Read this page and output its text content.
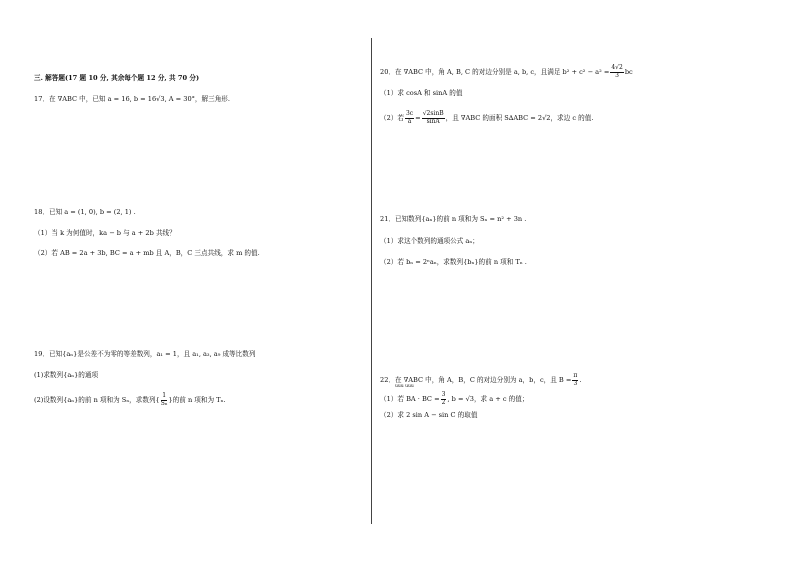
三. 解答题(17 题 10 分, 其余每个题 12 分, 共 70 分)
17．在 ∇ABC 中，已知 a = 16, b = 16√3, A = 30°，解三角形.
18．已知 a = (1, 0), b = (2, 1) .
（1）当 k 为何值时，ka − b 与 a + 2b 共线？
（2）若 AB = 2a + 3b, BC = a + mb 且 A，B，C 三点共线，求 m 的值.
19．已知{aₙ}是公差不为零的等差数列，a₁ = 1，且 a₁, a₃, a₉ 成等比数列
(1)求数列{aₙ}的通项
(2)设数列{aₙ}的前 n 项和为 Sₙ，求数列{ $\frac{1}{\text{Sₙ}}$ }的前 n 项和为 Tₙ.
20．在 ∇ABC 中，角 A, B, C 的对边分别是 a, b, c，且满足 $b^2 + c^2 - a^2 = \frac{4√2}{3}$ bc
（1）求 cosA 和 sinA 的值
（2）若 $\frac{3c}{a} = \frac{√2\sin B}{\sin A}$ ，且 ∇ABC 的面积 S∆ABC = 2√2，求边 c 的值.
21．已知数列{aₙ}的前 n 项和为 Sₙ = n² + 3n .
（1）求这个数列的通项公式 aₙ；
（2）若 bₙ = 2ⁿaₙ，求数列{bₙ}的前 n 项和 Tₙ .
22．在 ∇ABC 中，角 A，B，C 的对边分别为 a，b，c，且 $B = \frac{\pi}{3}$ .
uuu uuu
（1）若 BA · BC = $\frac{3}{2}$ , b = √3，求 a + c 的值；
（2）求 2 sin A − sin C 的取值
